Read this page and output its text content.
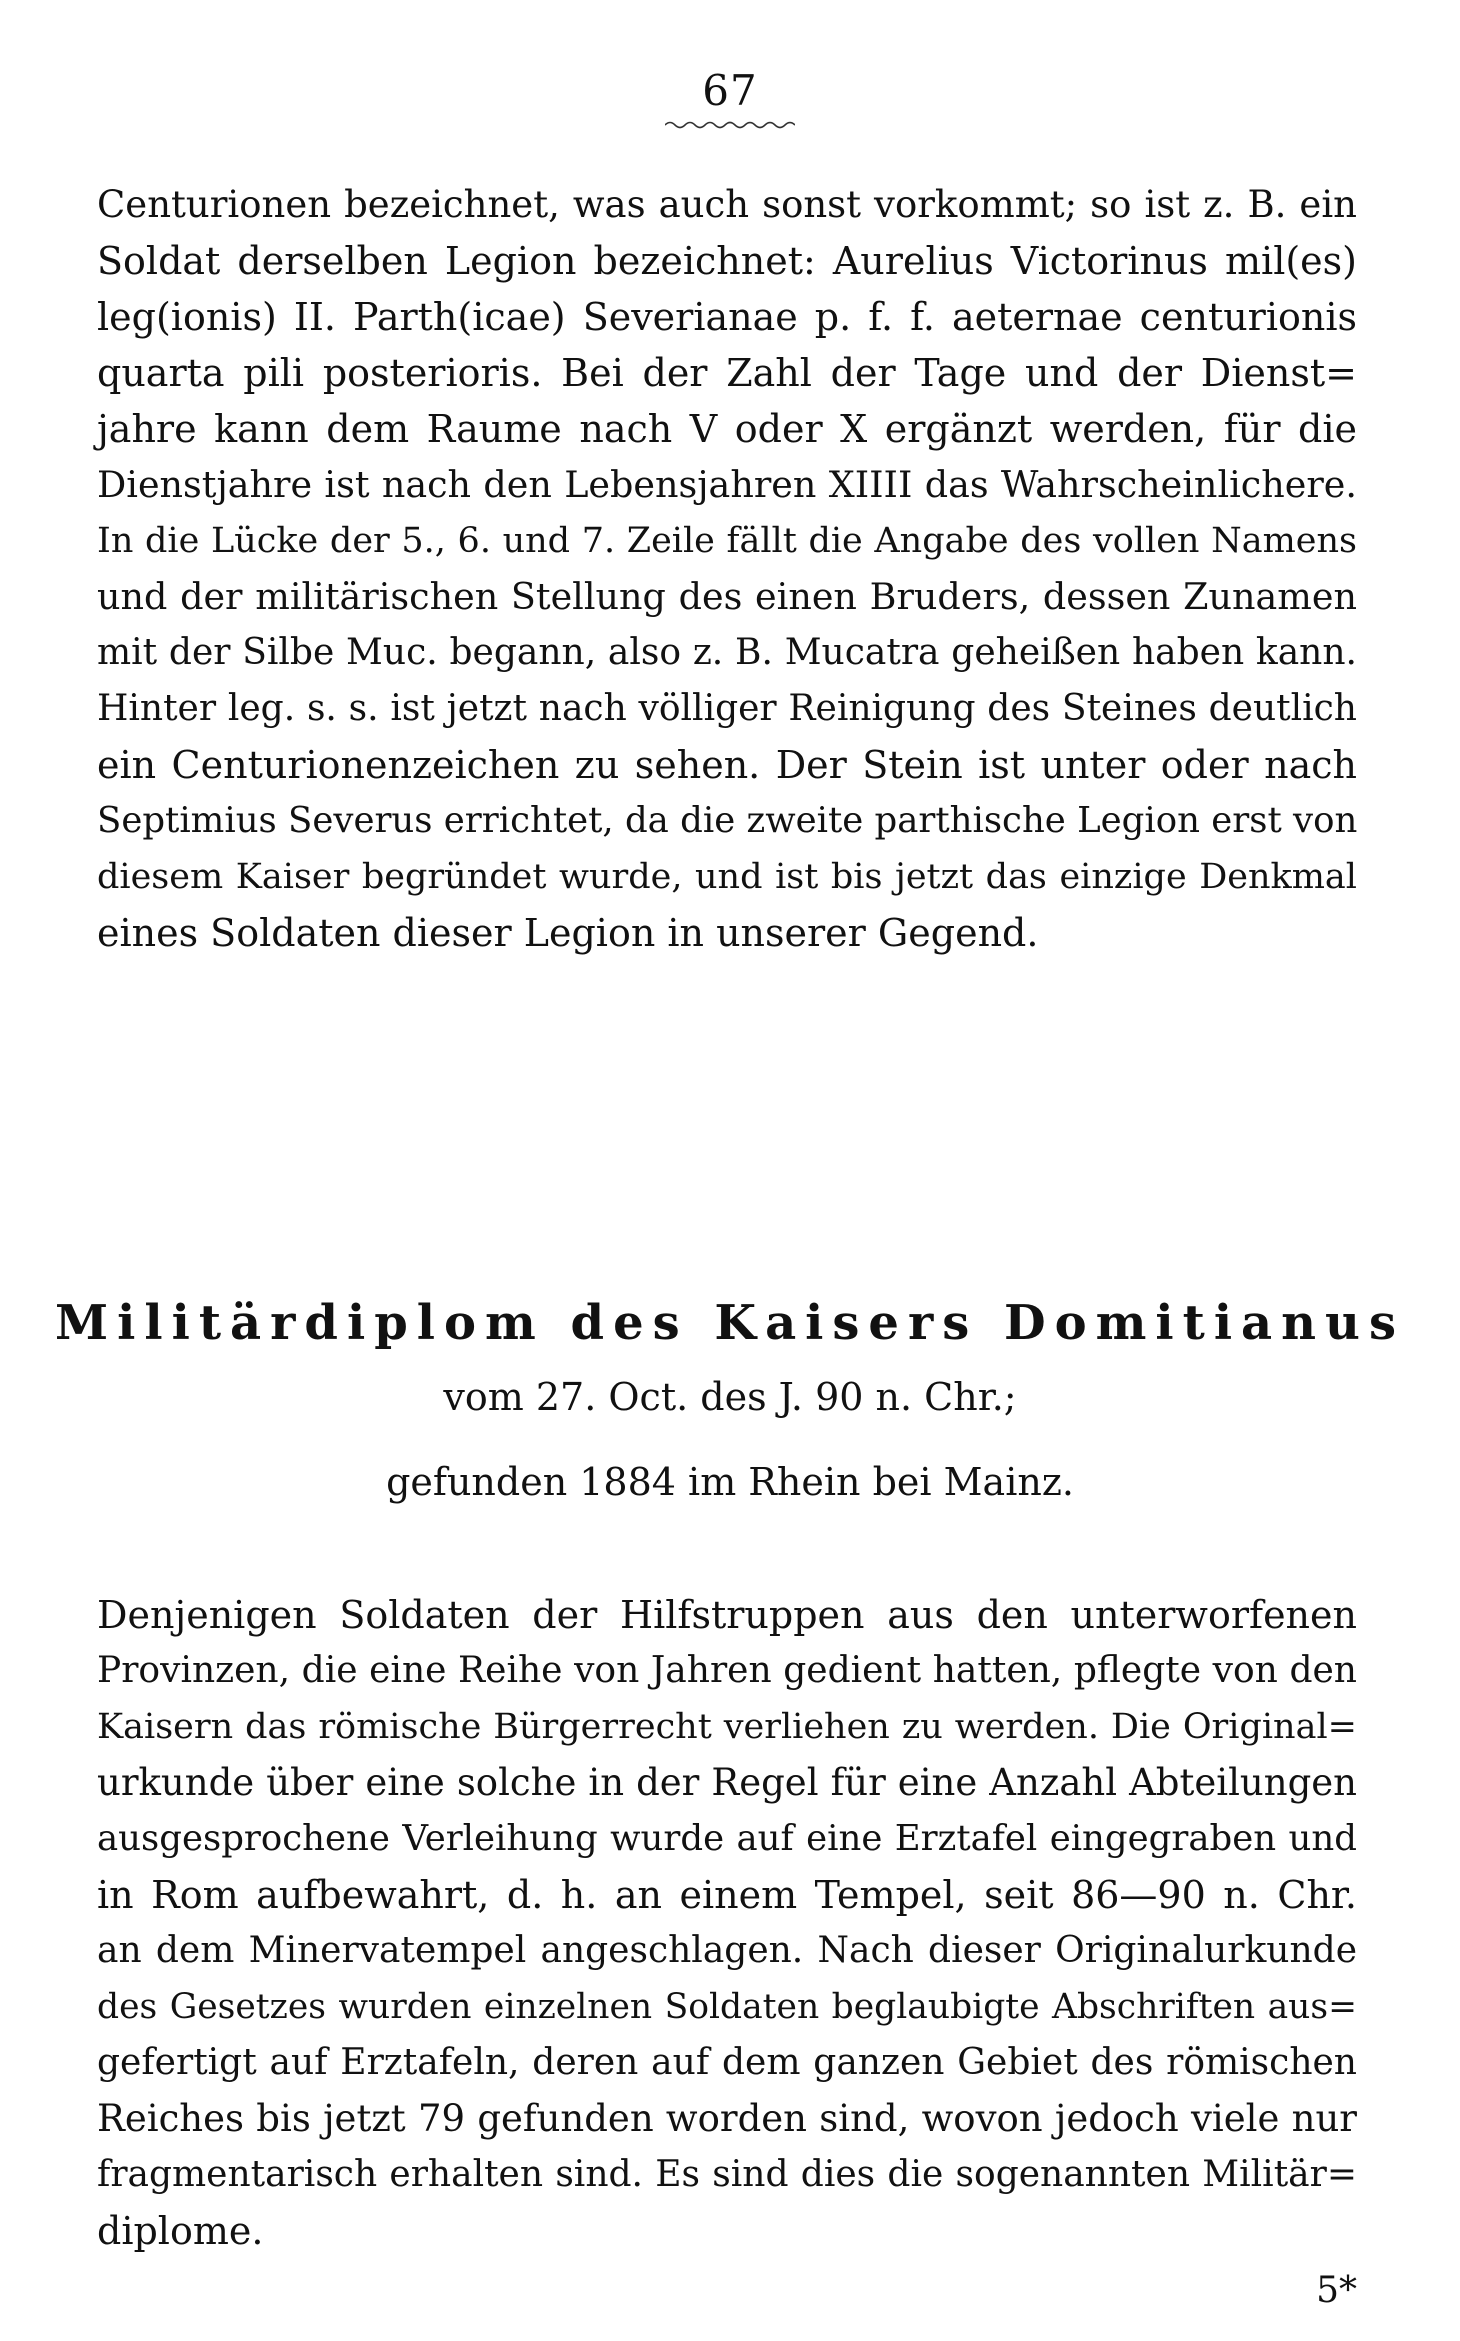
67
Centurionen bezeichnet, was auch sonst vorkommt; so ist z. B. ein
Soldat derselben Legion bezeichnet: Aurelius Victorinus mil(es)
leg(ionis) II. Parth(icae) Severianae p. f. f. aeternae centurionis
quarta pili posterioris. Bei der Zahl der Tage und der Dienst=
jahre kann dem Raume nach V oder X ergänzt werden, für die
Dienstjahre ist nach den Lebensjahren XIIII das Wahrscheinlichere.
In die Lücke der 5., 6. und 7. Zeile fällt die Angabe des vollen Namens
und der militärischen Stellung des einen Bruders, dessen Zunamen
mit der Silbe Muc. begann, also z. B. Mucatra geheißen haben kann.
Hinter leg. s. s. ist jetzt nach völliger Reinigung des Steines deutlich
ein Centurionenzeichen zu sehen. Der Stein ist unter oder nach
Septimius Severus errichtet, da die zweite parthische Legion erst von
diesem Kaiser begründet wurde, und ist bis jetzt das einzige Denkmal
eines Soldaten dieser Legion in unserer Gegend.
Militärdiplom des Kaisers Domitianus
vom 27. Oct. des J. 90 n. Chr.;
gefunden 1884 im Rhein bei Mainz.
Denjenigen Soldaten der Hilfstruppen aus den unterworfenen
Provinzen, die eine Reihe von Jahren gedient hatten, pflegte von den
Kaisern das römische Bürgerrecht verliehen zu werden. Die Original=
urkunde über eine solche in der Regel für eine Anzahl Abteilungen
ausgesprochene Verleihung wurde auf eine Erztafel eingegraben und
in Rom aufbewahrt, d. h. an einem Tempel, seit 86—90 n. Chr.
an dem Minervatempel angeschlagen. Nach dieser Originalurkunde
des Gesetzes wurden einzelnen Soldaten beglaubigte Abschriften aus=
gefertigt auf Erztafeln, deren auf dem ganzen Gebiet des römischen
Reiches bis jetzt 79 gefunden worden sind, wovon jedoch viele nur
fragmentarisch erhalten sind. Es sind dies die sogenannten Militär=
diplome.
5*
